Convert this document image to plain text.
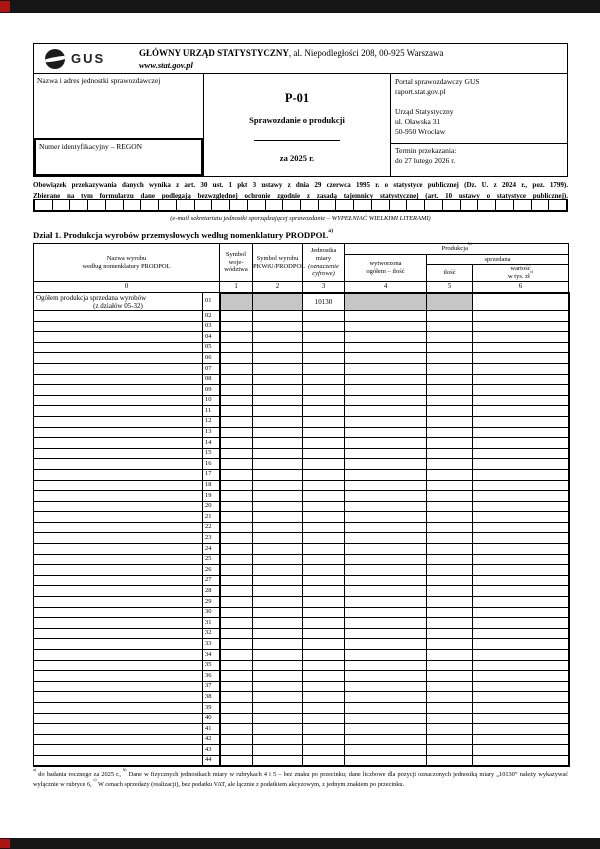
GUS	GŁÓWNY URZĄD STATYSTYCZNY, al. Niepodległości 208, 00-925 Warszawa
www.stat.gov.pl
Nazwa i adres jednostki sprawozdawczej
Numer identyfikacyjny – REGON
P-01
Sprawozdanie o produkcji
za 2025 r.
Portal sprawozdawczy GUS
raport.stat.gov.pl
Urząd Statystyczny
ul. Oławska 31
50-950 Wrocław
Termin przekazania:
do 27 lutego 2026 r.
Obowiązek przekazywania danych wynika z art. 30 ust. 1 pkt 3 ustawy z dnia 29 czerwca 1995 r. o statystyce publicznej (Dz. U. z 2024 r., poz. 1799).
Zbierane na tym formularzu dane podlegają bezwzględnej ochronie zgodnie z zasadą tajemnicy statystycznej (art. 10 ustawy o statystyce publicznej).
(e-mail sekretariatu jednostki sporządzającej sprawozdanie – WYPEŁNIAĆ WIELKIMI LITERAMI)
Dział 1. Produkcja wyrobów przemysłowych według nomenklatury PRODPOL$^{a)}$
Nazwa wyrobu
według nomenklatury PRODPOL		Symbol
woje-
wództwa	Symbol wyrobu
PKWiU/PRODPOL	Jednostka
miary
(oznaczenie
cyfrowe)	Produkcja$^{b)}$
					wytworzona
ogółem – ilość	sprzedana	
						ilość	wartość
w tys. $zł^{c)}$
0		1	2	3	4	5	6

Ogółem produkcja sprzedana wyrobów
(z działów 05-32)	01			10130			
	02						
	03						
	04						
	05						
	06						
	07						
	08						
	09						
	10						
	11						
	12						
	13						
	14						
	15						
	16						
	17						
	18						
	19						
	20						
	21						
	22						
	23						
	24						
	25						
	26						
	27						
	28						
	29						
	30						
	31						
	32						
	33						
	34						
	35						
	36						
	37						
	38						
	39						
	40						
	41						
	42						
	43						
	44						

$^{a)}$ do badania rocznego za 2025 r., $^{b)}$ Dane w fizycznych jednostkach miary w rubrykach 4 i 5 – bez znaku po przecinku; dane liczbowe dla pozycji oznaczonych jednostką miary „10130” należy wykazywać wyłącznie w rubryce 6, $^{c)}$ W cenach sprzedaży (realizacji), bez podatku VAT, ale łącznie z podatkiem akcyzowym, z jednym znakiem po przecinku.
